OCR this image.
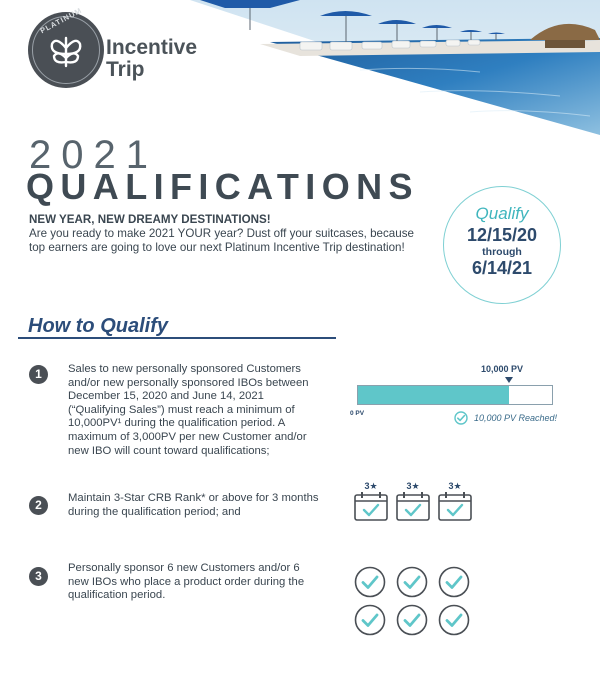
PLATINUM
Incentive
Trip
2021
QUALIFICATIONS
NEW YEAR, NEW DREAMY DESTINATIONS!
Are you ready to make 2021 YOUR year? Dust off your suitcases, because top earners are going to love our next Platinum Incentive Trip destination!
Qualify
12/15/20
through
6/14/21
How to Qualify
1	Sales to new personally sponsored Customers
and/or new personally sponsored IBOs between
December 15, 2020 and June 14, 2021
(“Qualifying Sales”) must reach a minimum of
10,000PV¹ during the qualification period. A
maximum of 3,000PV per new Customer and/or
new IBO will count toward qualifications;
10,000 PV
0 PV	10,000 PV Reached!
2	Maintain 3-Star CRB Rank* or above for 3 months
during the qualification period; and
3★	3★	3★
3
Personally sponsor 6 new Customers and/or 6
new IBOs who place a product order during the
qualification period.
